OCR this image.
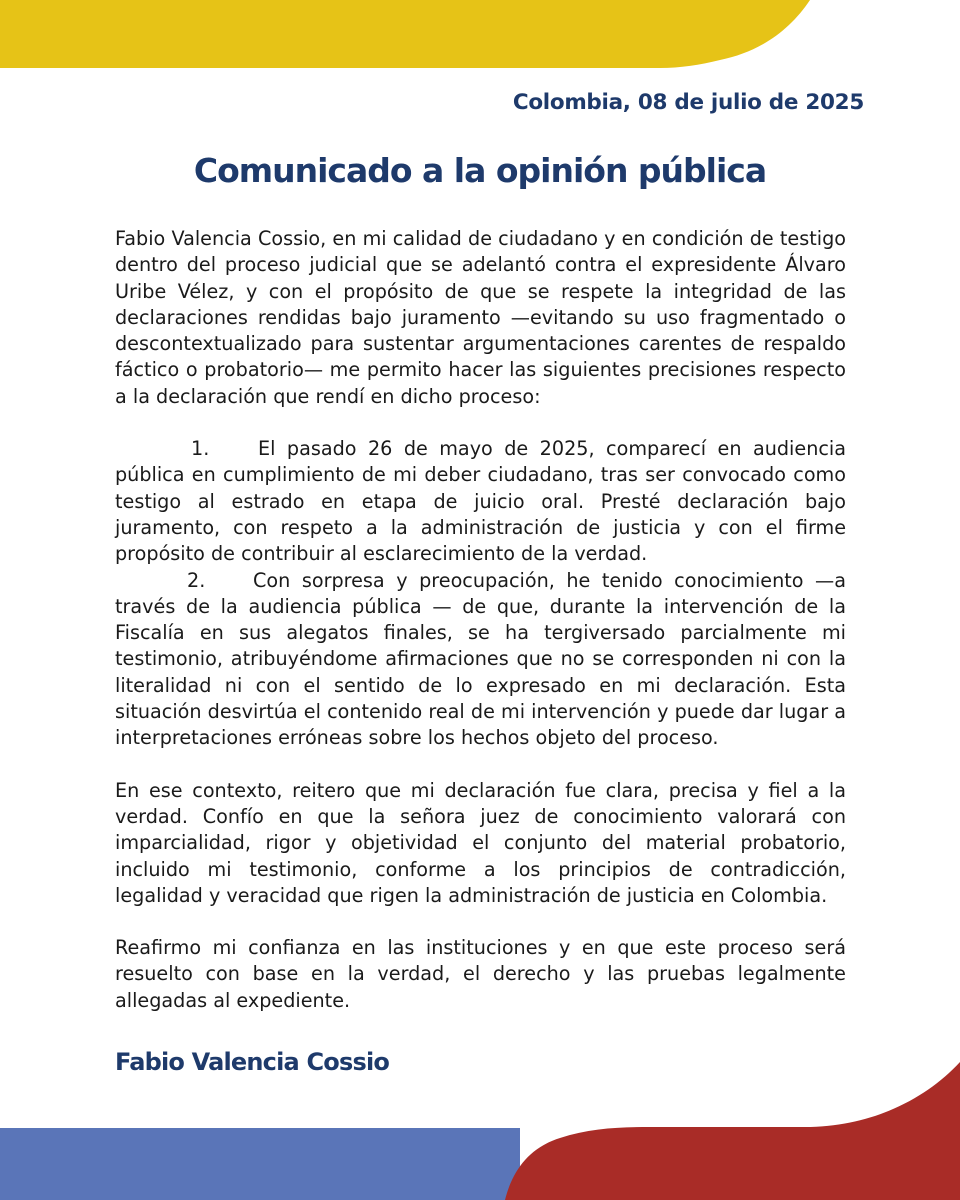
Colombia, 08 de julio de 2025
Comunicado a la opinión pública

Fabio Valencia Cossio, en mi calidad de ciudadano y en condición de testigo dentro del proceso judicial que se adelantó contra el expresidente Álvaro Uribe Vélez, y con el propósito de que se respete la integridad de las declaraciones rendidas bajo juramento —evitando su uso fragmentado o descontextualizado para sustentar argumentaciones carentes de respaldo fáctico o probatorio— me permito hacer las siguientes precisiones respecto a la declaración que rendí en dicho proceso:

1.	El pasado 26 de mayo de 2025, comparecí en audiencia pública en cumplimiento de mi deber ciudadano, tras ser convocado como testigo al estrado en etapa de juicio oral. Presté declaración bajo juramento, con respeto a la administración de justicia y con el firme propósito de contribuir al esclarecimiento de la verdad.

2. Con sorpresa y preocupación, he tenido conocimiento —a través de la audiencia pública — de que, durante la intervención de la Fiscalía en sus alegatos finales, se ha tergiversado parcialmente mi testimonio, atribuyéndome afirmaciones que no se corresponden ni con la literalidad ni con el sentido de lo expresado en mi declaración. Esta situación desvirtúa el contenido real de mi intervención y puede dar lugar a interpretaciones erróneas sobre los hechos objeto del proceso.

En ese contexto, reitero que mi declaración fue clara, precisa y fiel a la verdad. Confío en que la señora juez de conocimiento valorará con imparcialidad, rigor y objetividad el conjunto del material probatorio, incluido mi testimonio, conforme a los principios de contradicción, legalidad y veracidad que rigen la administración de justicia en Colombia.

Reafirmo mi confianza en las instituciones y en que este proceso será resuelto con base en la verdad, el derecho y las pruebas legalmente allegadas al expediente.

Fabio Valencia Cossio
